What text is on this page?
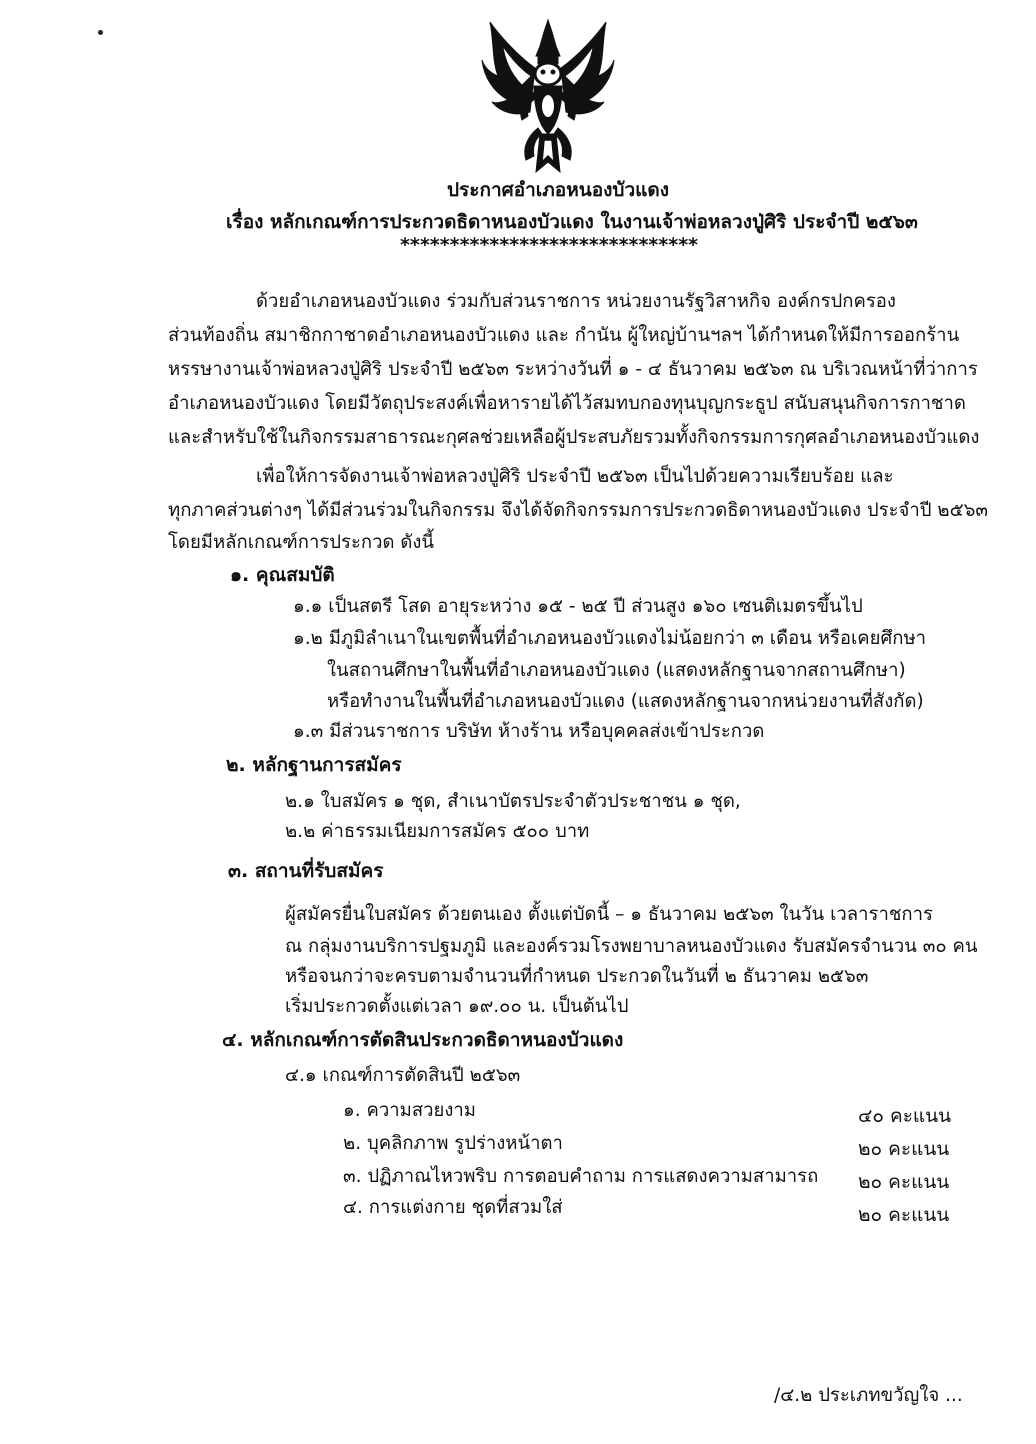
ประกาศอำเภอหนองบัวแดง
เรื่อง หลักเกณฑ์การประกวดธิดาหนองบัวแดง ในงานเจ้าพ่อหลวงปู่ศิริ ประจำปี ๒๕๖๓
******************************
ด้วยอำเภอหนองบัวแดง ร่วมกับส่วนราชการ หน่วยงานรัฐวิสาหกิจ องค์กรปกครอง
ส่วนท้องถิ่น สมาชิกกาชาดอำเภอหนองบัวแดง และ กำนัน ผู้ใหญ่บ้านฯลฯ ได้กำหนดให้มีการออกร้าน
หรรษางานเจ้าพ่อหลวงปู่ศิริ ประจำปี ๒๕๖๓ ระหว่างวันที่ ๑ - ๔ ธันวาคม ๒๕๖๓ ณ บริเวณหน้าที่ว่าการ
อำเภอหนองบัวแดง โดยมีวัตถุประสงค์เพื่อหารายได้ไว้สมทบกองทุนบุญกระธูป สนับสนุนกิจการกาชาด
และสำหรับใช้ในกิจกรรมสาธารณะกุศลช่วยเหลือผู้ประสบภัยรวมทั้งกิจกรรมการกุศลอำเภอหนองบัวแดง
เพื่อให้การจัดงานเจ้าพ่อหลวงปู่ศิริ ประจำปี ๒๕๖๓ เป็นไปด้วยความเรียบร้อย และ
ทุกภาคส่วนต่างๆ ได้มีส่วนร่วมในกิจกรรม จึงได้จัดกิจกรรมการประกวดธิดาหนองบัวแดง ประจำปี ๒๕๖๓
โดยมีหลักเกณฑ์การประกวด ดังนี้
๑. คุณสมบัติ
๑.๑ เป็นสตรี โสด อายุระหว่าง ๑๕ - ๒๕ ปี ส่วนสูง ๑๖๐ เซนติเมตรขึ้นไป
๑.๒ มีภูมิลำเนาในเขตพื้นที่อำเภอหนองบัวแดงไม่น้อยกว่า ๓ เดือน หรือเคยศึกษา
ในสถานศึกษาในพื้นที่อำเภอหนองบัวแดง (แสดงหลักฐานจากสถานศึกษา)
หรือทำงานในพื้นที่อำเภอหนองบัวแดง (แสดงหลักฐานจากหน่วยงานที่สังกัด)
๑.๓ มีส่วนราชการ บริษัท ห้างร้าน หรือบุคคลส่งเข้าประกวด
๒. หลักฐานการสมัคร
๒.๑ ใบสมัคร ๑ ชุด, สำเนาบัตรประจำตัวประชาชน ๑ ชุด,
๒.๒ ค่าธรรมเนียมการสมัคร ๕๐๐ บาท
๓. สถานที่รับสมัคร
ผู้สมัครยื่นใบสมัคร ด้วยตนเอง ตั้งแต่บัดนี้ – ๑ ธันวาคม ๒๕๖๓ ในวัน เวลาราชการ
ณ กลุ่มงานบริการปฐมภูมิ และองค์รวมโรงพยาบาลหนองบัวแดง รับสมัครจำนวน ๓๐ คน
หรือจนกว่าจะครบตามจำนวนที่กำหนด ประกวดในวันที่ ๒ ธันวาคม ๒๕๖๓
เริ่มประกวดตั้งแต่เวลา ๑๙.๐๐ น. เป็นต้นไป
๔. หลักเกณฑ์การตัดสินประกวดธิดาหนองบัวแดง
๔.๑ เกณฑ์การตัดสินปี ๒๕๖๓
๑. ความสวยงาม	๔๐ คะแนน
๒. บุคลิกภาพ รูปร่างหน้าตา	๒๐ คะแนน
๓. ปฏิภาณไหวพริบ การตอบคำถาม การแสดงความสามารถ ๒๐ คะแนน
๔. การแต่งกาย ชุดที่สวมใส่	๒๐ คะแนน
/๔.๒ ประเภทขวัญใจ ...
